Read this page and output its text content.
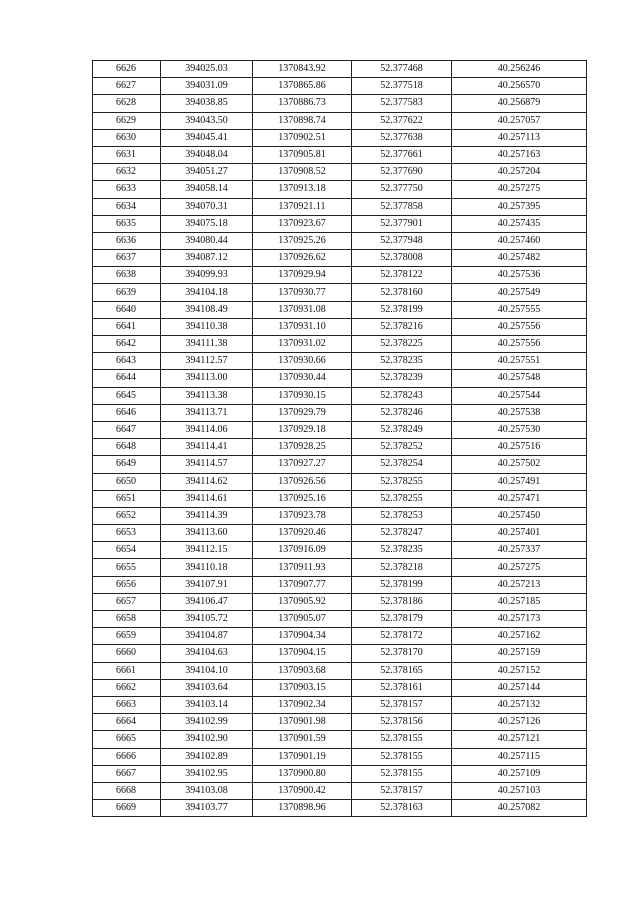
6626	394025.03	1370843.92	52.377468	40.256246
6627	394031.09	1370865.86	52.377518	40.256570
6628	394038.85	1370886.73	52.377583	40.256879
6629	394043.50	1370898.74	52.377622	40.257057
6630	394045.41	1370902.51	52.377638	40.257113
6631	394048.04	1370905.81	52.377661	40.257163
6632	394051.27	1370908.52	52.377690	40.257204
6633	394058.14	1370913.18	52.377750	40.257275
6634	394070.31	1370921.11	52.377858	40.257395
6635	394075.18	1370923.67	52.377901	40.257435
6636	394080.44	1370925.26	52.377948	40.257460
6637	394087.12	1370926.62	52.378008	40.257482
6638	394099.93	1370929.94	52.378122	40.257536
6639	394104.18	1370930.77	52.378160	40.257549
6640	394108.49	1370931.08	52.378199	40.257555
6641	394110.38	1370931.10	52.378216	40.257556
6642	394111.38	1370931.02	52.378225	40.257556
6643	394112.57	1370930.66	52.378235	40.257551
6644	394113.00	1370930.44	52.378239	40.257548
6645	394113.38	1370930.15	52.378243	40.257544
6646	394113.71	1370929.79	52.378246	40.257538
6647	394114.06	1370929.18	52.378249	40.257530
6648	394114.41	1370928.25	52.378252	40.257516
6649	394114.57	1370927.27	52.378254	40.257502
6650	394114.62	1370926.56	52.378255	40.257491
6651	394114.61	1370925.16	52.378255	40.257471
6652	394114.39	1370923.78	52.378253	40.257450
6653	394113.60	1370920.46	52.378247	40.257401
6654	394112.15	1370916.09	52.378235	40.257337
6655	394110.18	1370911.93	52.378218	40.257275
6656	394107.91	1370907.77	52.378199	40.257213
6657	394106.47	1370905.92	52.378186	40.257185
6658	394105.72	1370905.07	52.378179	40.257173
6659	394104.87	1370904.34	52.378172	40.257162
6660	394104.63	1370904.15	52.378170	40.257159
6661	394104.10	1370903.68	52.378165	40.257152
6662	394103.64	1370903.15	52.378161	40.257144
6663	394103.14	1370902.34	52.378157	40.257132
6664	394102.99	1370901.98	52.378156	40.257126
6665	394102.90	1370901.59	52.378155	40.257121
6666	394102.89	1370901.19	52.378155	40.257115
6667	394102.95	1370900.80	52.378155	40.257109
6668	394103.08	1370900.42	52.378157	40.257103
6669	394103.77	1370898.96	52.378163	40.257082
